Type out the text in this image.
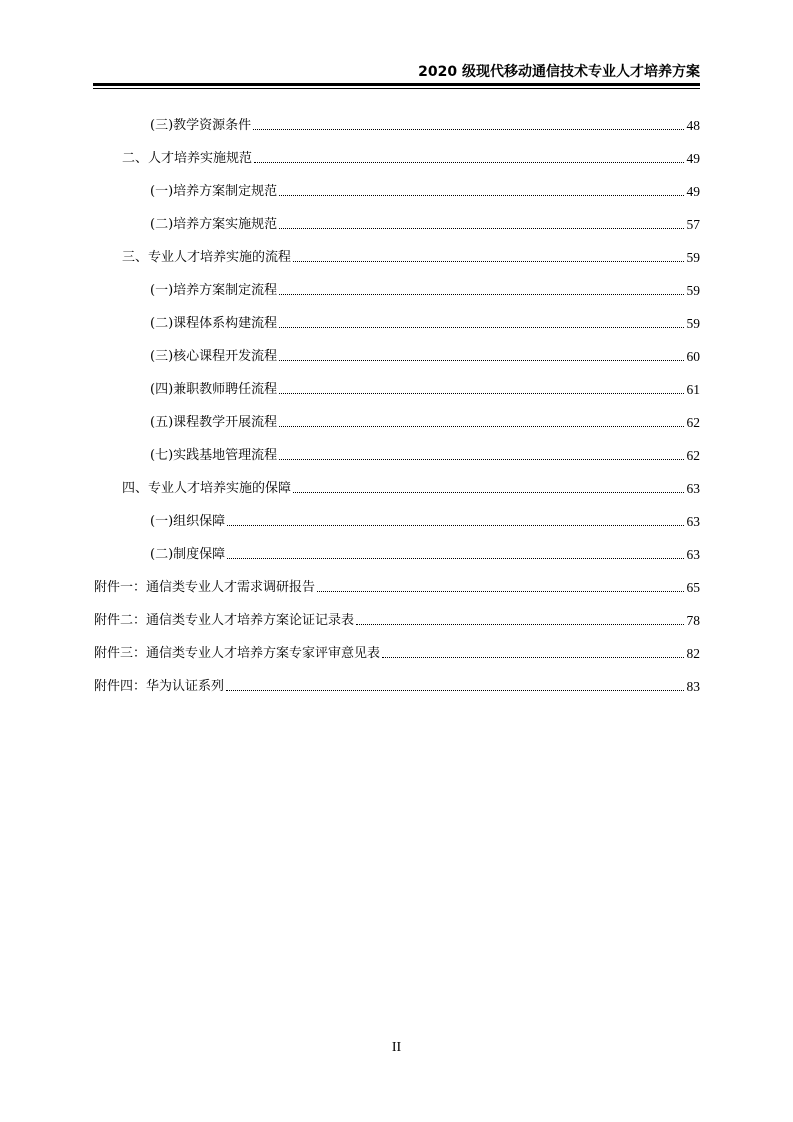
2020 级现代移动通信技术专业人才培养方案
(三)教学资源条件	48
二、人才培养实施规范	49
(一)培养方案制定规范	49
(二)培养方案实施规范	57
三、专业人才培养实施的流程	59
(一)培养方案制定流程	59
(二)课程体系构建流程	59
(三)核心课程开发流程	60
(四)兼职教师聘任流程	61
(五)课程教学开展流程	62
(七)实践基地管理流程	62
四、专业人才培养实施的保障	63
(一)组织保障	63
(二)制度保障	63
附件一：通信类专业人才需求调研报告	65
附件二：通信类专业人才培养方案论证记录表	78
附件三：通信类专业人才培养方案专家评审意见表	82
附件四：华为认证系列	83
II
